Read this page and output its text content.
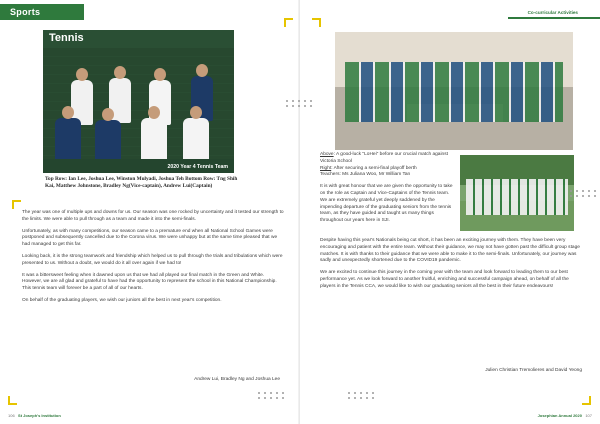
Sports
Tennis
2020 Year 4 Tennis Team
Top Row: Ian Lee, Joshua Lee, Winston Mulyadi, Joshua Teh Bottom Row: Tng Shih Kai, Matthew Johnstone, Bradley Ng(Vice-captain), Andrew Lui(Captain)

The year was one of multiple ups and downs for us. Our season was one rocked by uncertainty and it tested our strength to the limits. We were able to pull through as a team and made it into the semi-finals.

Unfortunately, as with many competitions, our season came to a premature end when all National School Games were postponed and subsequently cancelled due to the Corona virus. We were unhappy but at the same time pleased that we had managed to get this far.

Looking back, it is the strong teamwork and friendship which helped us to pull through the trials and tribulations which were presented to us. Without a doubt, we would do it all over again if we had to!

It was a bittersweet feeling when it dawned upon us that we had all played our final match in the Green and White. However, we are all glad and grateful to have had the opportunity to represent the school in this National Championship. This tennis team will forever be a part of all of our hearts.

On behalf of the graduating players, we wish our juniors all the best in next year's competition.

Andrew Lui, Bradley Ng and Joshua Lee
106 St Joseph's Institution
Co-curricular Activities

Above: A good-luck "LoHei" before our crucial match against Victoria School

Right: After securing a semi-final playoff berth

Teachers: Ms Juliana Woo, Mr William Tan

It is with great honour that we are given the opportunity to take on the role as Captain and Vice-Captains of the Tennis team. We are extremely grateful yet deeply saddened by the impending departure of the graduating seniors from the tennis team, as they have guided and taught us many things throughout our years here in SJI.

Despite having this year's Nationals being cut short, it has been an exciting journey with them. They have been very encouraging and patient with the entire team. Without their guidance, we may not have gotten past the difficult group stage matches. It is with thanks to their guidance that we were able to make it to the semi-finals. Unfortunately, our journey was sadly and unexpectedly shortened due to the COVID19 pandemic.

We are excited to continue this journey in the coming year with the team and look forward to leading them to our best performance yet. As we look forward to another fruitful, enriching and successful campaign ahead, on behalf of all the players in the Tennis CCA, we would like to wish our graduating seniors all the best in their future endeavours!

Julien Christian Tremolieres and David Yeong
Josephian Annual 2020 107
